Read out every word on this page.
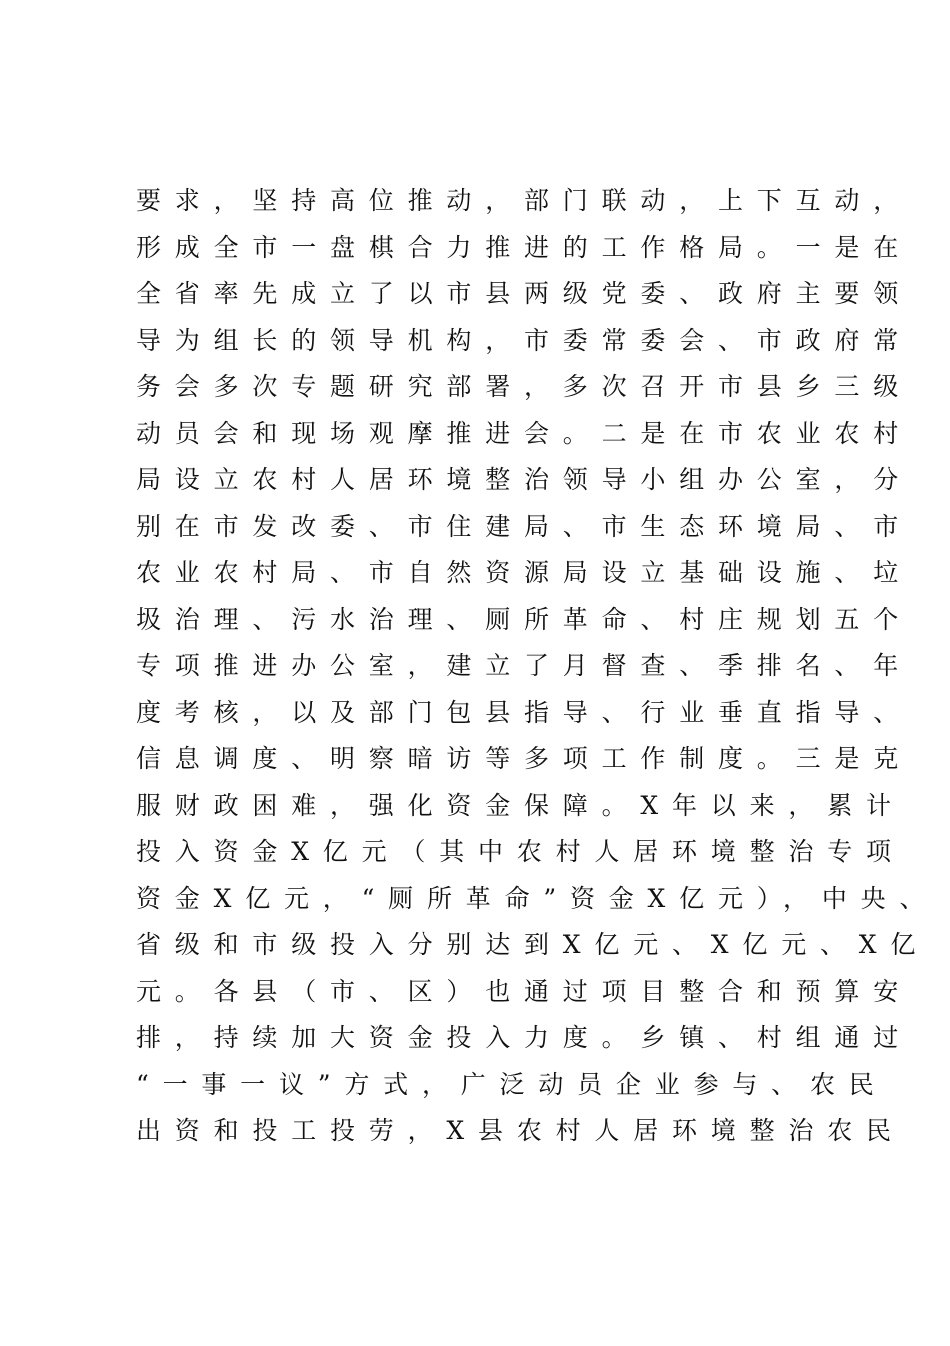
要求，坚持高位推动，部门联动，上下互动，

形成全市一盘棋合力推进的工作格局。一是在

全省率先成立了以市县两级党委、政府主要领

导为组长的领导机构，市委常委会、市政府常

务会多次专题研究部署，多次召开市县乡三级

动员会和现场观摩推进会。二是在市农业农村

局设立农村人居环境整治领导小组办公室，分

别在市发改委、市住建局、市生态环境局、市

农业农村局、市自然资源局设立基础设施、垃

圾治理、污水治理、厕所革命、村庄规划五个

专项推进办公室，建立了月督查、季排名、年

度考核，以及部门包县指导、行业垂直指导、

信息调度、明察暗访等多项工作制度。三是克

服财政困难，强化资金保障。X年以来，累计

投入资金X亿元（其中农村人居环境整治专项

资金X亿元，“厕所革命”资金X亿元），中央、

省级和市级投入分别达到X亿元、X亿元、X亿

元。各县（市、区）也通过项目整合和预算安

排，持续加大资金投入力度。乡镇、村组通过

“一事一议”方式，广泛动员企业参与、农民

出资和投工投劳，X县农村人居环境整治农民
